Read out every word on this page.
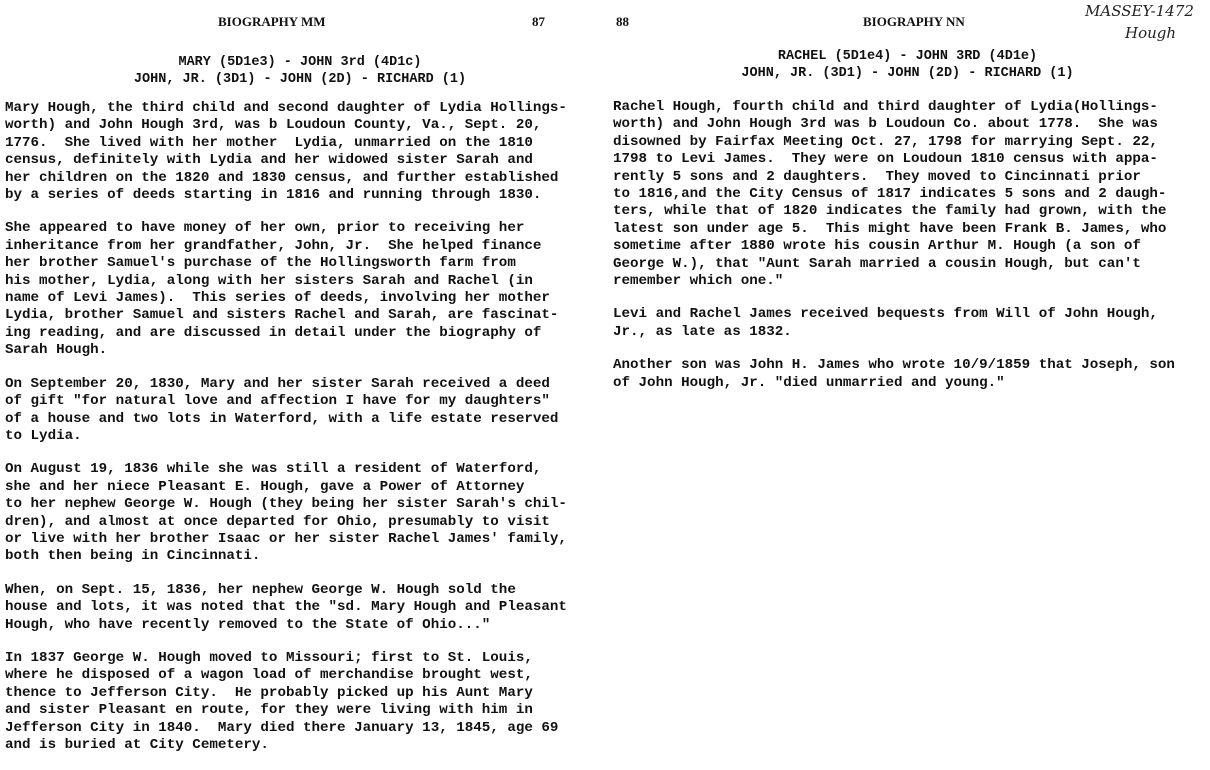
BIOGRAPHY MM	87
MARY (5D1e3) - JOHN 3rd (4D1c)
JOHN, JR. (3D1) - JOHN (2D) - RICHARD (1)

Mary Hough, the third child and second daughter of Lydia Hollings-
worth) and John Hough 3rd, was b Loudoun County, Va., Sept. 20,
1776.  She lived with her mother  Lydia, unmarried on the 1810
census, definitely with Lydia and her widowed sister Sarah and
her children on the 1820 and 1830 census, and further established
by a series of deeds starting in 1816 and running through 1830.

She appeared to have money of her own, prior to receiving her
inheritance from her grandfather, John, Jr.  She helped finance
her brother Samuel's purchase of the Hollingsworth farm from
his mother, Lydia, along with her sisters Sarah and Rachel (in
name of Levi James).  This series of deeds, involving her mother
Lydia, brother Samuel and sisters Rachel and Sarah, are fascinat-
ing reading, and are discussed in detail under the biography of
Sarah Hough.

On September 20, 1830, Mary and her sister Sarah received a deed
of gift "for natural love and affection I have for my daughters"
of a house and two lots in Waterford, with a life estate reserved
to Lydia.

On August 19, 1836 while she was still a resident of Waterford,
she and her niece Pleasant E. Hough, gave a Power of Attorney
to her nephew George W. Hough (they being her sister Sarah's chil-
dren), and almost at once departed for Ohio, presumably to visit
or live with her brother Isaac or her sister Rachel James' family,
both then being in Cincinnati.

When, on Sept. 15, 1836, her nephew George W. Hough sold the
house and lots, it was noted that the "sd. Mary Hough and Pleasant
Hough, who have recently removed to the State of Ohio..."

In 1837 George W. Hough moved to Missouri; first to St. Louis,
where he disposed of a wagon load of merchandise brought west,
thence to Jefferson City.  He probably picked up his Aunt Mary
and sister Pleasant en route, for they were living with him in
Jefferson City in 1840.  Mary died there January 13, 1845, age 69
and is buried at City Cemetery.

88	BIOGRAPHY NN
MASSEY-1472
Hough
RACHEL (5D1e4) - JOHN 3RD (4D1e)
JOHN, JR. (3D1) - JOHN (2D) - RICHARD (1)

Rachel Hough, fourth child and third daughter of Lydia(Hollings-
worth) and John Hough 3rd was b Loudoun Co. about 1778.  She was
disowned by Fairfax Meeting Oct. 27, 1798 for marrying Sept. 22,
1798 to Levi James.  They were on Loudoun 1810 census with appa-
rently 5 sons and 2 daughters.  They moved to Cincinnati prior
to 1816,and the City Census of 1817 indicates 5 sons and 2 daugh-
ters, while that of 1820 indicates the family had grown, with the
latest son under age 5.  This might have been Frank B. James, who
sometime after 1880 wrote his cousin Arthur M. Hough (a son of
George W.), that "Aunt Sarah married a cousin Hough, but can't
remember which one."

Levi and Rachel James received bequests from Will of John Hough,
Jr., as late as 1832.

Another son was John H. James who wrote 10/9/1859 that Joseph, son
of John Hough, Jr. "died unmarried and young."
